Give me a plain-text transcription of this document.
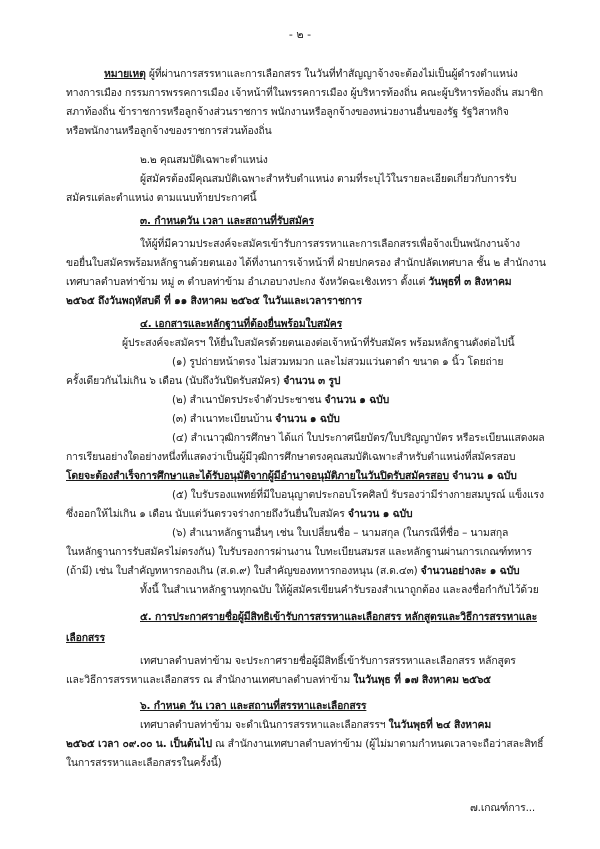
- ๒ -
หมายเหตุ ผู้ที่ผ่านการสรรหาและการเลือกสรร ในวันที่ทำสัญญาจ้างจะต้องไม่เป็นผู้ดำรงตำแหน่ง
ทางการเมือง กรรมการพรรคการเมือง เจ้าหน้าที่ในพรรคการเมือง ผู้บริหารท้องถิ่น คณะผู้บริหารท้องถิ่น สมาชิก
สภาท้องถิ่น ข้าราชการหรือลูกจ้างส่วนราชการ พนักงานหรือลูกจ้างของหน่วยงานอื่นของรัฐ รัฐวิสาหกิจ
หรือพนักงานหรือลูกจ้างของราชการส่วนท้องถิ่น
๒.๒ คุณสมบัติเฉพาะตำแหน่ง
ผู้สมัครต้องมีคุณสมบัติเฉพาะสำหรับตำแหน่ง ตามที่ระบุไว้ในรายละเอียดเกี่ยวกับการรับ
สมัครแต่ละตำแหน่ง ตามแนบท้ายประกาศนี้
๓. กำหนดวัน เวลา และสถานที่รับสมัคร
ให้ผู้ที่มีความประสงค์จะสมัครเข้ารับการสรรหาและการเลือกสรรเพื่อจ้างเป็นพนักงานจ้าง
ขอยื่นใบสมัครพร้อมหลักฐานด้วยตนเอง ได้ที่งานการเจ้าหน้าที่ ฝ่ายปกครอง สำนักปลัดเทศบาล ชั้น ๒ สำนักงาน
เทศบาลตำบลท่าข้าม หมู่ ๓ ตำบลท่าข้าม อำเภอบางปะกง จังหวัดฉะเชิงเทรา ตั้งแต่ วันพุธที่ ๓ สิงหาคม
๒๕๖๕ ถึงวันพฤหัสบดี ที่ ๑๑ สิงหาคม ๒๕๖๕ ในวันและเวลาราชการ
๔. เอกสารและหลักฐานที่ต้องยื่นพร้อมใบสมัคร
ผู้ประสงค์จะสมัครฯ ให้ยื่นใบสมัครด้วยตนเองต่อเจ้าหน้าที่รับสมัคร พร้อมหลักฐานดังต่อไปนี้
(๑) รูปถ่ายหน้าตรง ไม่สวมหมวก และไม่สวมแว่นตาดำ ขนาด ๑ นิ้ว โดยถ่าย
ครั้งเดียวกันไม่เกิน ๖ เดือน (นับถึงวันปิดรับสมัคร) จำนวน ๓ รูป
(๒) สำเนาบัตรประจำตัวประชาชน จำนวน ๑ ฉบับ
(๓) สำเนาทะเบียนบ้าน จำนวน ๑ ฉบับ
(๔) สำเนาวุฒิการศึกษา ได้แก่ ใบประกาศนียบัตร/ใบปริญญาบัตร หรือระเบียนแสดงผล
การเรียนอย่างใดอย่างหนึ่งที่แสดงว่าเป็นผู้มีวุฒิการศึกษาตรงคุณสมบัติเฉพาะสำหรับตำแหน่งที่สมัครสอบ
โดยจะต้องสำเร็จการศึกษาและได้รับอนุมัติจากผู้มีอำนาจอนุมัติภายในวันปิดรับสมัครสอบ จำนวน ๑ ฉบับ
(๕) ใบรับรองแพทย์ที่มีใบอนุญาตประกอบโรคศิลป์ รับรองว่ามีร่างกายสมบูรณ์ แข็งแรง
ซึ่งออกให้ไม่เกิน ๑ เดือน นับแต่วันตรวจร่างกายถึงวันยื่นใบสมัคร จำนวน ๑ ฉบับ
(๖) สำเนาหลักฐานอื่นๆ เช่น ใบเปลี่ยนชื่อ – นามสกุล (ในกรณีที่ชื่อ – นามสกุล
ในหลักฐานการรับสมัครไม่ตรงกัน) ใบรับรองการผ่านงาน ใบทะเบียนสมรส และหลักฐานผ่านการเกณฑ์ทหาร
(ถ้ามี) เช่น ใบสำคัญทหารกองเกิน (ส.ด.๙) ใบสำคัญของทหารกองหนุน (ส.ด.๔๓) จำนวนอย่างละ ๑ ฉบับ
ทั้งนี้ ในสำเนาหลักฐานทุกฉบับ ให้ผู้สมัครเขียนคำรับรองสำเนาถูกต้อง และลงชื่อกำกับไว้ด้วย
๕. การประกาศรายชื่อผู้มีสิทธิเข้ารับการสรรหาและเลือกสรร หลักสูตรและวิธีการสรรหาและ
เลือกสรร
เทศบาลตำบลท่าข้าม จะประกาศรายชื่อผู้มีสิทธิ์เข้ารับการสรรหาและเลือกสรร หลักสูตร
และวิธีการสรรหาและเลือกสรร ณ สำนักงานเทศบาลตำบลท่าข้าม ในวันพุธ ที่ ๑๗ สิงหาคม ๒๕๖๕
๖. กำหนด วัน เวลา และสถานที่สรรหาและเลือกสรร
เทศบาลตำบลท่าข้าม จะดำเนินการสรรหาและเลือกสรรฯ ในวันพุธที่ ๒๔ สิงหาคม
๒๕๖๕ เวลา ๐๙.๐๐ น. เป็นต้นไป ณ สำนักงานเทศบาลตำบลท่าข้าม (ผู้ไม่มาตามกำหนดเวลาจะถือว่าสละสิทธิ์
ในการสรรหาและเลือกสรรในครั้งนี้)
๗.เกณฑ์การ...
